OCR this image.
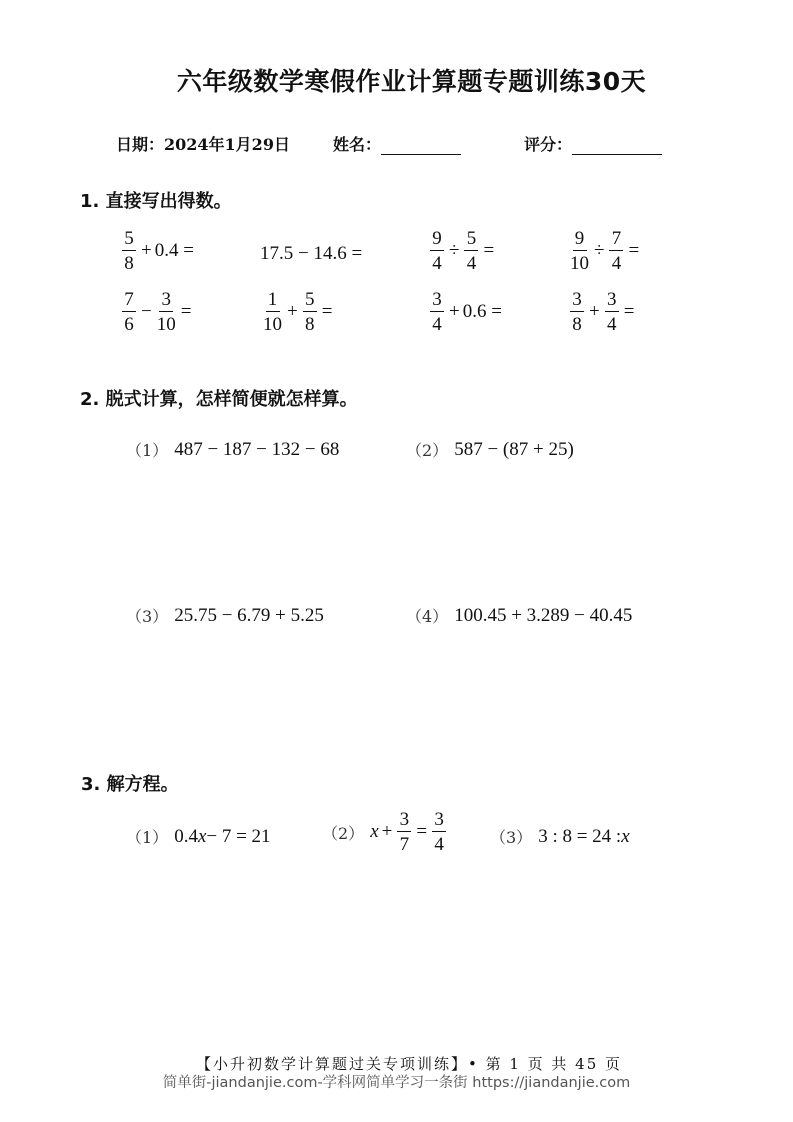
六年级数学寒假作业计算题专题训练30天
日期：2024年1月29日	姓名：	评分：
1. 直接写出得数。
$\frac{5}{8} + 0.4$ =	17.5 − 14.6 =	$\frac{9}{4} \div \frac{5}{4}$ =	$\frac{9}{10} \div \frac{7}{4}$ =
$\frac{7}{6} - \frac{3}{10}$ =	$\frac{1}{10} + \frac{5}{8}$ =	$\frac{3}{4} + 0.6$ =	$\frac{3}{8} + \frac{3}{4}$ =
2. 脱式计算，怎样简便就怎样算。
（1） 487 − 187 − 132 − 68	（2） 587 − (87 + 25)
（3） 25.75 − 6.79 + 5.25	（4） 100.45 + 3.289 − 40.45
3. 解方程。
（1） 0.4 x − 7 = 21	（2） $x + \frac{3}{7} = \frac{3}{4}$	（3） 3 : 8 = 24 : x
【小升初数学计算题过关专项训练】• 第 1 页 共 45 页
简单街-jiandanjie.com-学科网简单学习一条街 https://jiandanjie.com
